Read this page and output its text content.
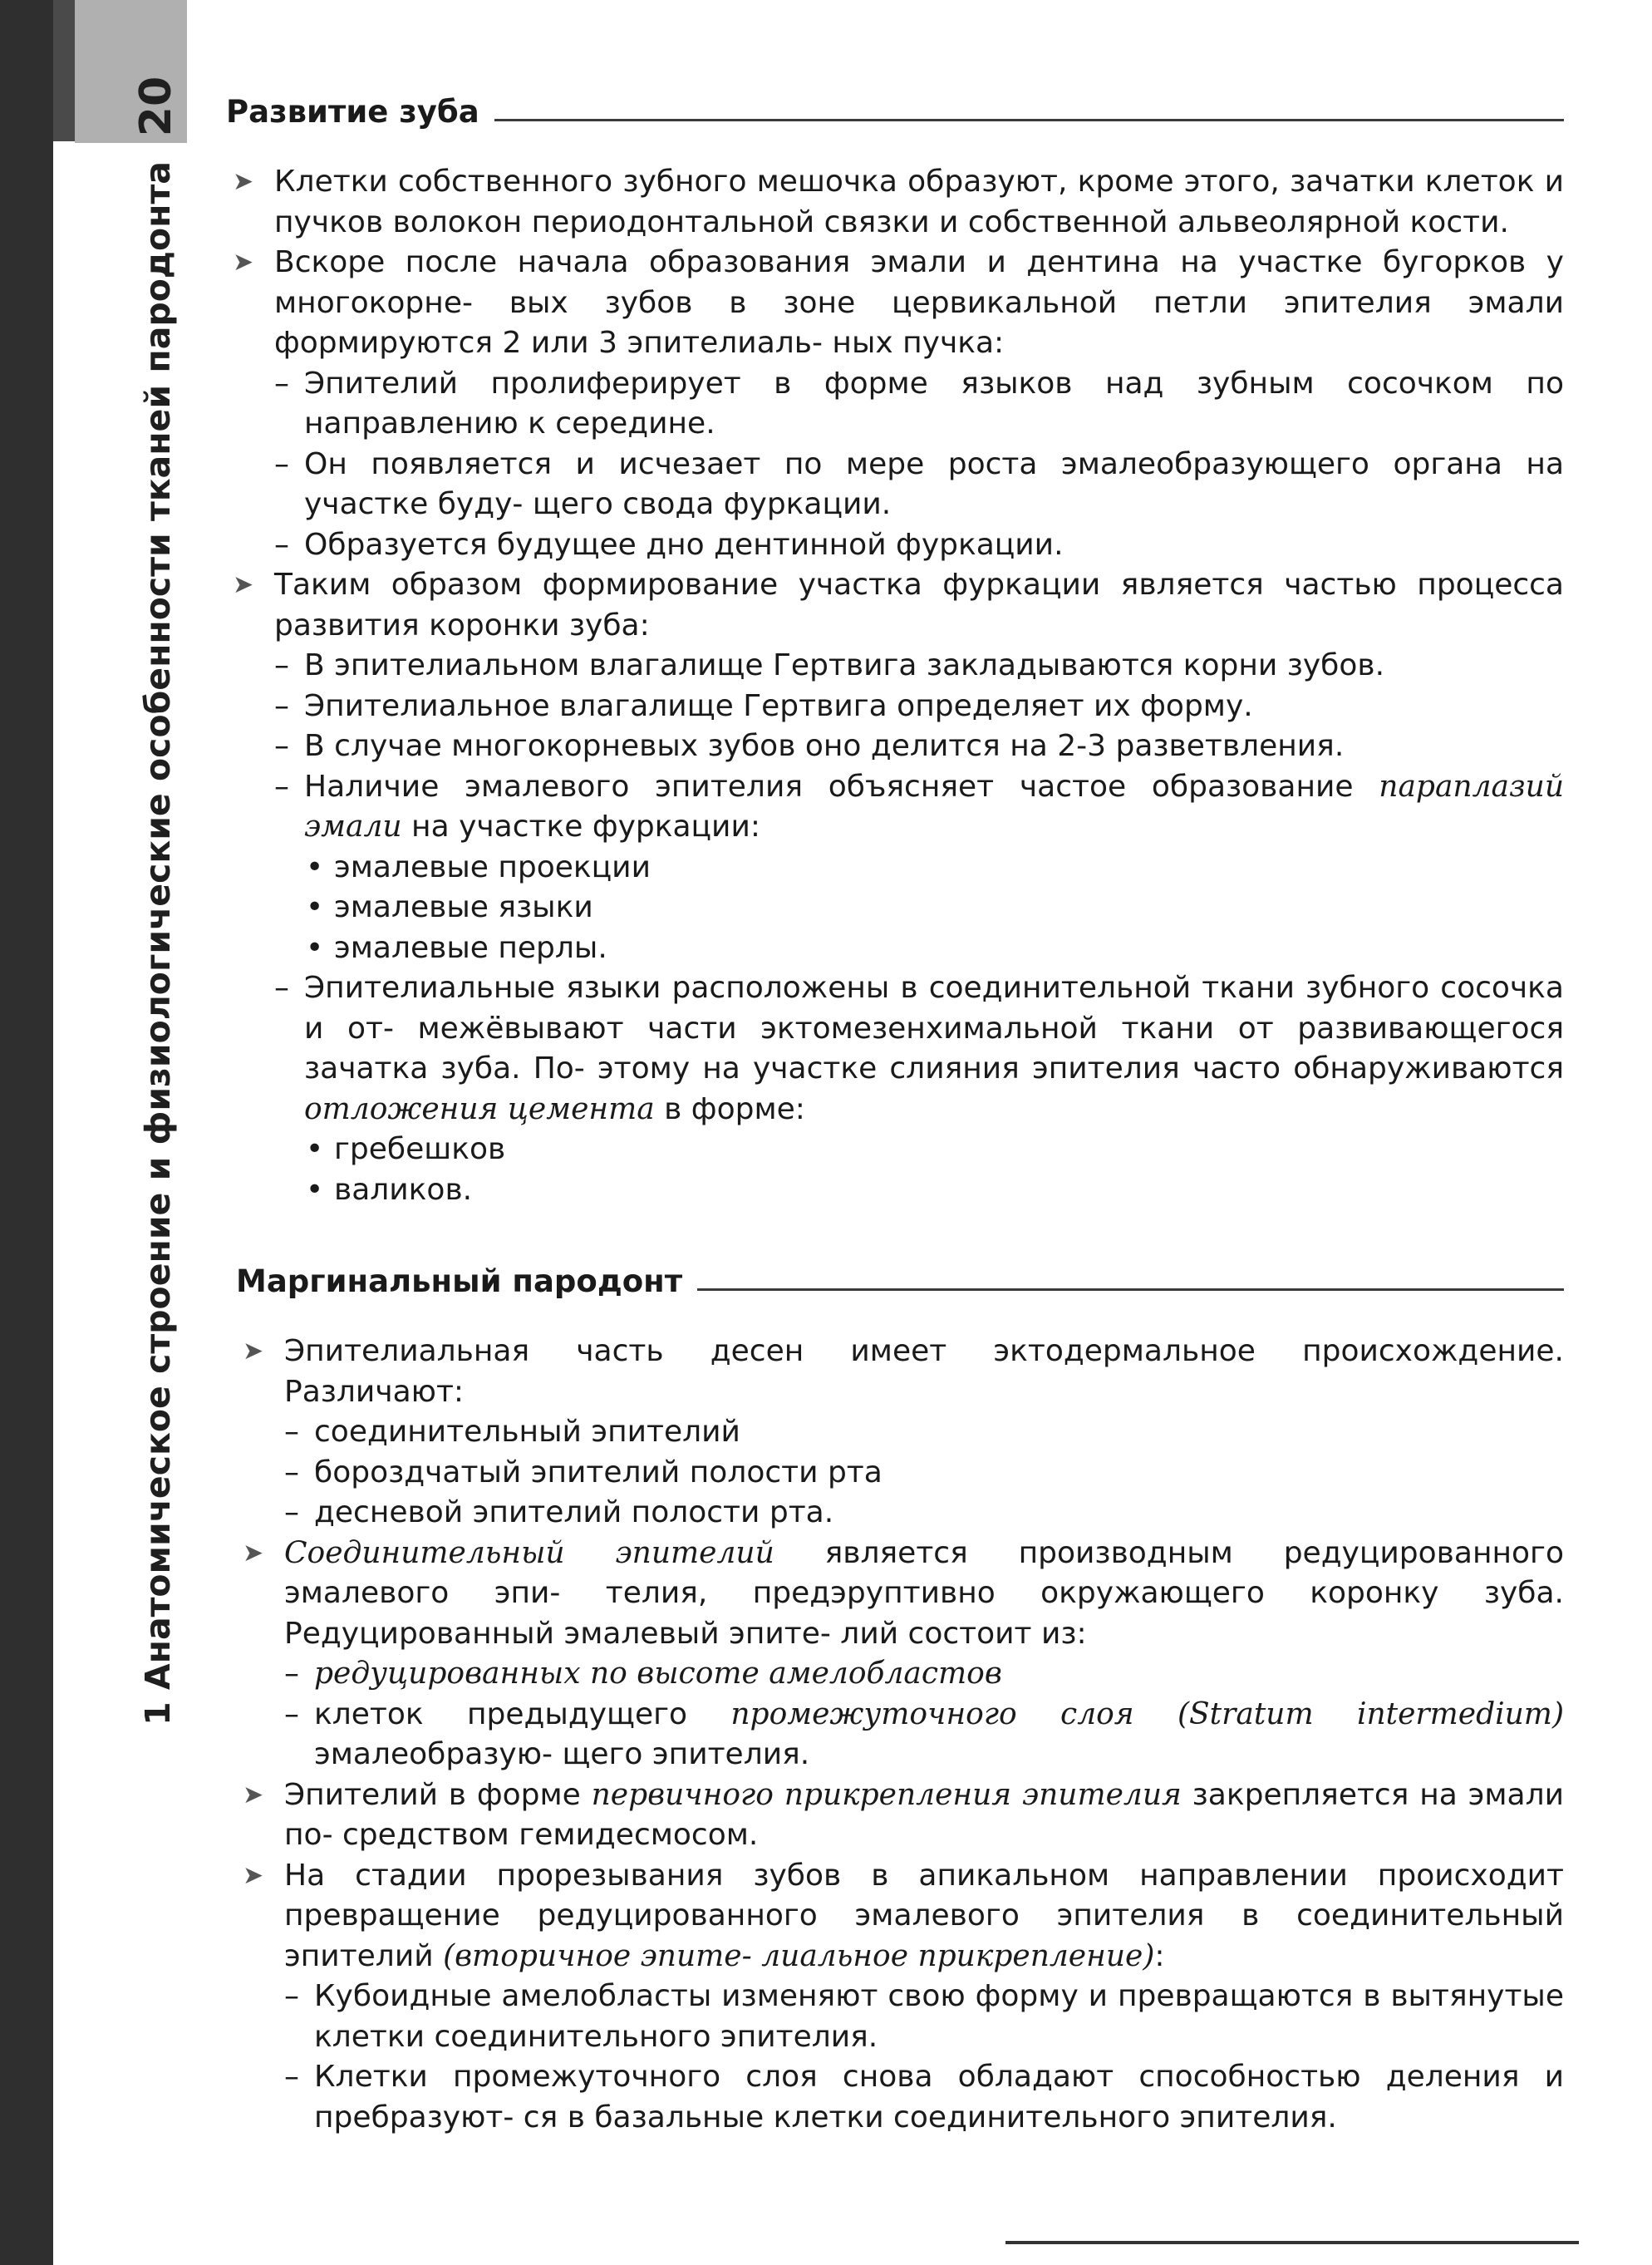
20
1 Анатомическое строение и физиологические особенности тканей пародонта
Развитие зуба
➤ Клетки собственного зубного мешочка образуют, кроме этого, зачатки клеток и пучков волокон периодонтальной связки и собственной альвеолярной кости.
➤ Вскоре после начала образования эмали и дентина на участке бугорков у многокорне- вых зубов в зоне цервикальной петли эпителия эмали формируются 2 или 3 эпителиаль- ных пучка:
– Эпителий пролиферирует в форме языков над зубным сосочком по направлению к середине.
– Он появляется и исчезает по мере роста эмалеобразующего органа на участке буду- щего свода фуркации.
– Образуется будущее дно дентинной фуркации.
➤ Таким образом формирование участка фуркации является частью процесса развития коронки зуба:
– В эпителиальном влагалище Гертвига закладываются корни зубов.
– Эпителиальное влагалище Гертвига определяет их форму.
– В случае многокорневых зубов оно делится на 2-3 разветвления.
– Наличие эмалевого эпителия объясняет частое образование параплазий эмали на участке фуркации:
• эмалевые проекции
• эмалевые языки
• эмалевые перлы.
– Эпителиальные языки расположены в соединительной ткани зубного сосочка и от- межёвывают части эктомезенхимальной ткани от развивающегося зачатка зуба. По- этому на участке слияния эпителия часто обнаруживаются отложения цемента в форме:
• гребешков
• валиков.
Маргинальный пародонт
➤ Эпителиальная часть десен имеет эктодермальное происхождение. Различают:
– соединительный эпителий
– бороздчатый эпителий полости рта
– десневой эпителий полости рта.
➤ Соединительный эпителий является производным редуцированного эмалевого эпи- телия, предэруптивно окружающего коронку зуба. Редуцированный эмалевый эпите- лий состоит из:
– редуцированных по высоте амелобластов
– клеток предыдущего промежуточного слоя (Stratum intermedium) эмалеобразую- щего эпителия.
➤ Эпителий в форме первичного прикрепления эпителия закрепляется на эмали по- средством гемидесмосом.
➤ На стадии прорезывания зубов в апикальном направлении происходит превращение редуцированного эмалевого эпителия в соединительный эпителий (вторичное эпите- лиальное прикрепление):
– Кубоидные амелобласты изменяют свою форму и превращаются в вытянутые клетки соединительного эпителия.
– Клетки промежуточного слоя снова обладают способностью деления и пребразуют- ся в базальные клетки соединительного эпителия.
